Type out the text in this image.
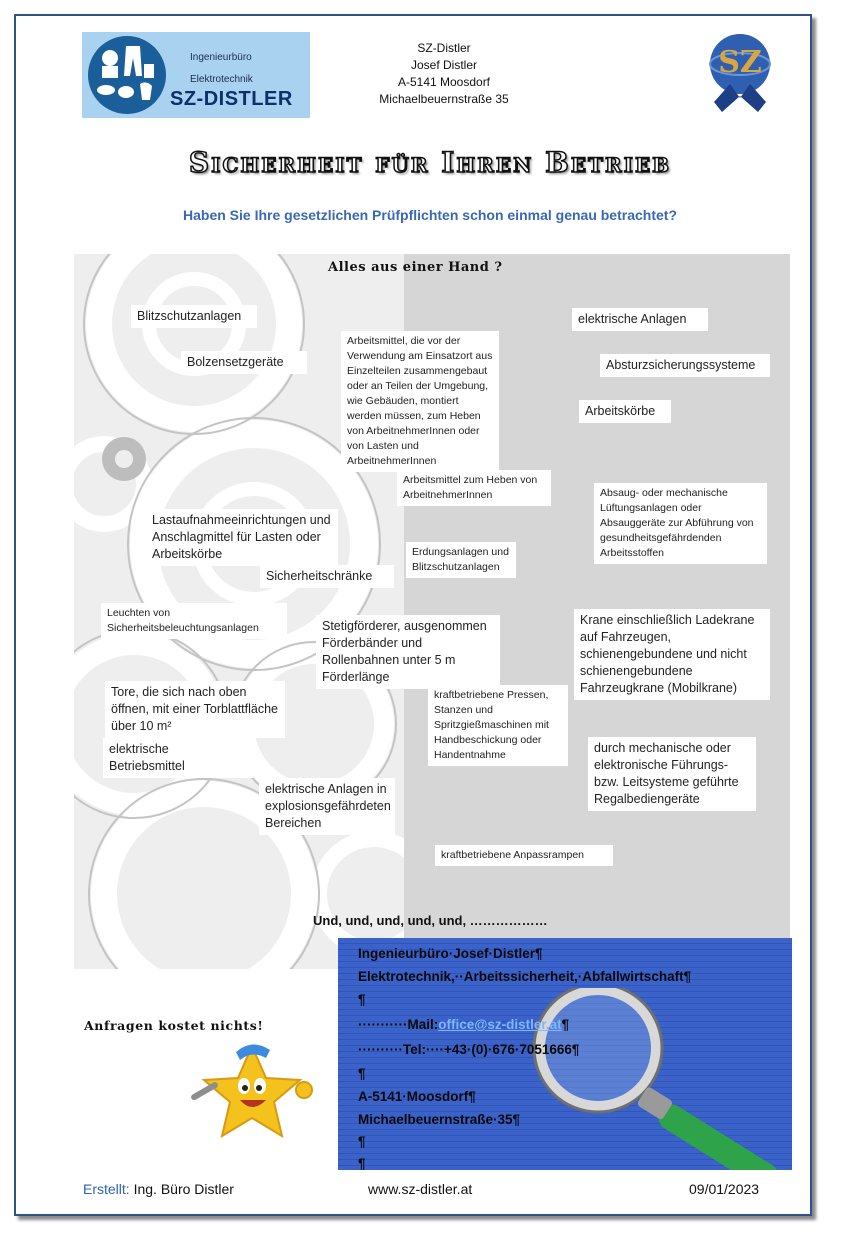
Ingenieurbüro
Elektrotechnik
SZ-DISTLER
SZ-Distler
Josef Distler
A-5141 Moosdorf
Michaelbeuernstraße 35
SZ
Sicherheit für Ihren Betrieb
Haben Sie Ihre gesetzlichen Prüfpflichten schon einmal genau betrachtet?
Alles aus einer Hand ?
Blitzschutzanlagen
Bolzensetzgeräte
Arbeitsmittel, die vor der Verwendung am Einsatzort aus Einzelteilen zusammengebaut oder an Teilen der Umgebung, wie Gebäuden, montiert werden müssen, zum Heben von ArbeitnehmerInnen oder von Lasten und ArbeitnehmerInnen
elektrische Anlagen
Absturzsicherungssysteme
Arbeitskörbe
Arbeitsmittel zum Heben von ArbeitnehmerInnen	Absaug- oder mechanische Lüftungsanlagen oder Absauggeräte zur Abführung von gesundheitsgefährdenden Arbeitsstoffen
Lastaufnahmeeinrichtungen und Anschlagmittel für Lasten oder Arbeitskörbe	Erdungsanlagen und Blitzschutzanlagen
Sicherheitschränke
Leuchten von Sicherheitsbeleuchtungsanlagen	Stetigförderer, ausgenommen Förderbänder und Rollenbahnen unter 5 m Förderlänge
Krane einschließlich Ladekrane auf Fahrzeugen, schienengebundene und nicht schienengebundene Fahrzeugkrane (Mobilkrane)
Tore, die sich nach oben öffnen, mit einer Torblattfläche über 10 m²
kraftbetriebene Pressen, Stanzen und Spritzgießmaschinen mit Handbeschickung oder Handentnahme
elektrische Betriebsmittel
durch mechanische oder elektronische Führungs- bzw. Leitsysteme geführte Regalbediengeräte
elektrische Anlagen in explosionsgefährdeten Bereichen
kraftbetriebene Anpassrampen
Und, und, und, und, und, ………………
Ingenieurbüro·Josef·Distler¶
Elektrotechnik,··Arbeitssicherheit,·Abfallwirtschaft¶
¶
···········Mail:office@sz-distler.at¶
··········Tel:····+43·(0)·676·7051666¶
¶
A-5141·Moosdorf¶
Michaelbeuernstraße·35¶
¶
¶
Anfragen kostet nichts!
Erstellt: Ing. Büro Distler	www.sz-distler.at	09/01/2023
